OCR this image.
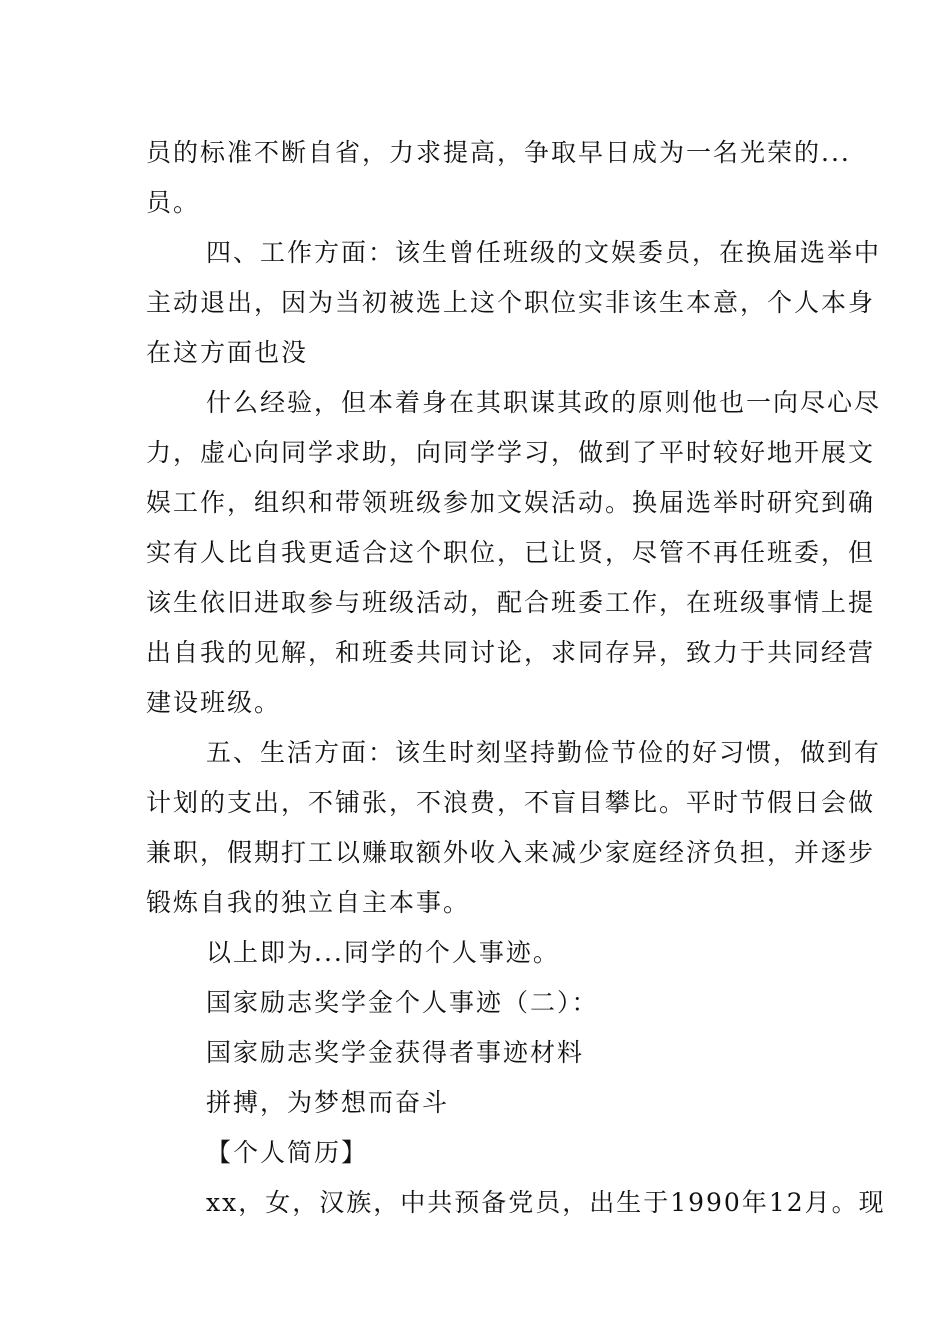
员的标准不断自省，力求提高，争取早日成为一名光荣的...
员。
四、工作方面：该生曾任班级的文娱委员，在换届选举中
主动退出，因为当初被选上这个职位实非该生本意，个人本身
在这方面也没
什么经验，但本着身在其职谋其政的原则他也一向尽心尽
力，虚心向同学求助，向同学学习，做到了平时较好地开展文
娱工作，组织和带领班级参加文娱活动。换届选举时研究到确
实有人比自我更适合这个职位，已让贤，尽管不再任班委，但
该生依旧进取参与班级活动，配合班委工作，在班级事情上提
出自我的见解，和班委共同讨论，求同存异，致力于共同经营
建设班级。
五、生活方面：该生时刻坚持勤俭节俭的好习惯，做到有
计划的支出，不铺张，不浪费，不盲目攀比。平时节假日会做
兼职，假期打工以赚取额外收入来减少家庭经济负担，并逐步
锻炼自我的独立自主本事。
以上即为...同学的个人事迹。
国家励志奖学金个人事迹（二）：
国家励志奖学金获得者事迹材料
拼搏，为梦想而奋斗
【个人简历】
xx，女，汉族，中共预备党员，出生于1990年12月。现
